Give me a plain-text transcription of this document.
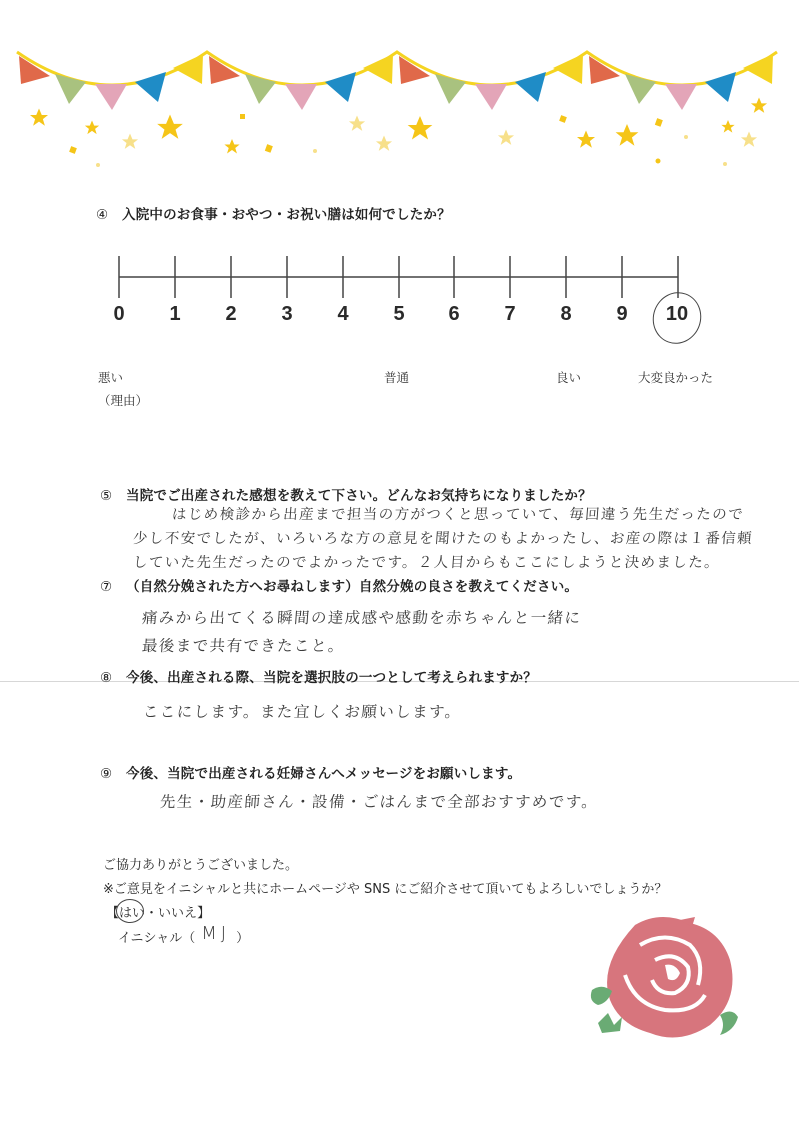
④ 入院中のお食事・おやつ・お祝い膳は如何でしたか？
0 1 2 3 4 5 6 7 8 9 10
悪い	普通	良い	大変良かった
（理由）
⑤ 当院でご出産された感想を教えて下さい。どんなお気持ちになりましたか？
はじめ検診から出産まで担当の方がつくと思っていて、毎回違う先生だったので
少し不安でしたが、いろいろな方の意見を聞けたのもよかったし、お産の際は１番信頼
していた先生だったのでよかったです。２人目からもここにしようと決めました。
⑦ （自然分娩された方へお尋ねします）自然分娩の良さを教えてください。
痛みから出てくる瞬間の達成感や感動を赤ちゃんと一緒に
最後まで共有できたこと。
⑧ 今後、出産される際、当院を選択肢の一つとして考えられますか？
ここにします。また宜しくお願いします。
⑨ 今後、当院で出産される妊婦さんへメッセージをお願いします。
先生・助産師さん・設備・ごはんまで全部おすすめです。
ご協力ありがとうございました。
※ご意見をイニシャルと共にホームページや SNS にご紹介させて頂いてもよろしいでしょうか？
【はい
・いいえ】
イニシャル（ MJ ）
